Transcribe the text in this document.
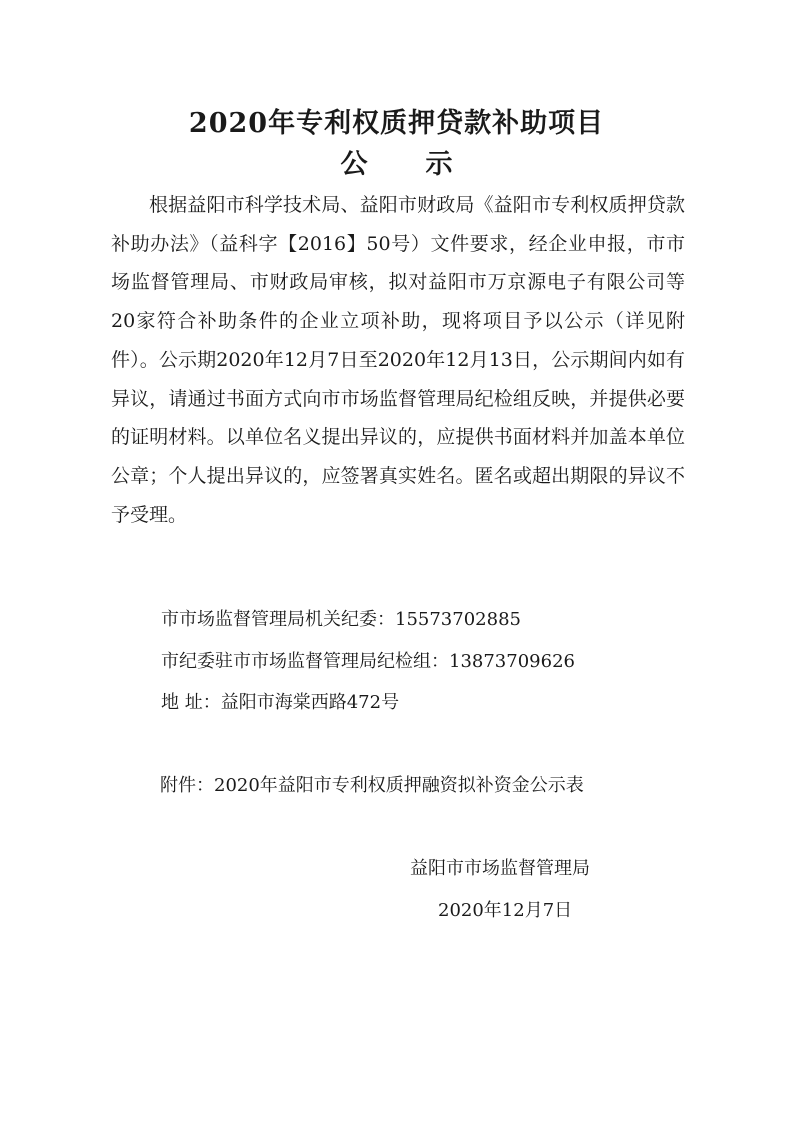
2020年专利权质押贷款补助项目
公示

根据益阳市科学技术局、益阳市财政局《益阳市专利权质押贷款补助办法》（益科字【2016】50号）文件要求，经企业申报，市市场监督管理局、市财政局审核，拟对益阳市万京源电子有限公司等20家符合补助条件的企业立项补助，现将项目予以公示（详见附件）。公示期2020年12月7日至2020年12月13日，公示期间内如有异议，请通过书面方式向市市场监督管理局纪检组反映，并提供必要的证明材料。以单位名义提出异议的，应提供书面材料并加盖本单位公章；个人提出异议的，应签署真实姓名。匿名或超出期限的异议不予受理。

市市场监督管理局机关纪委：15573702885

市纪委驻市市场监督管理局纪检组：13873709626

地 址：益阳市海棠西路472号

附件：2020年益阳市专利权质押融资拟补资金公示表

益阳市市场监督管理局

2020年12月7日
